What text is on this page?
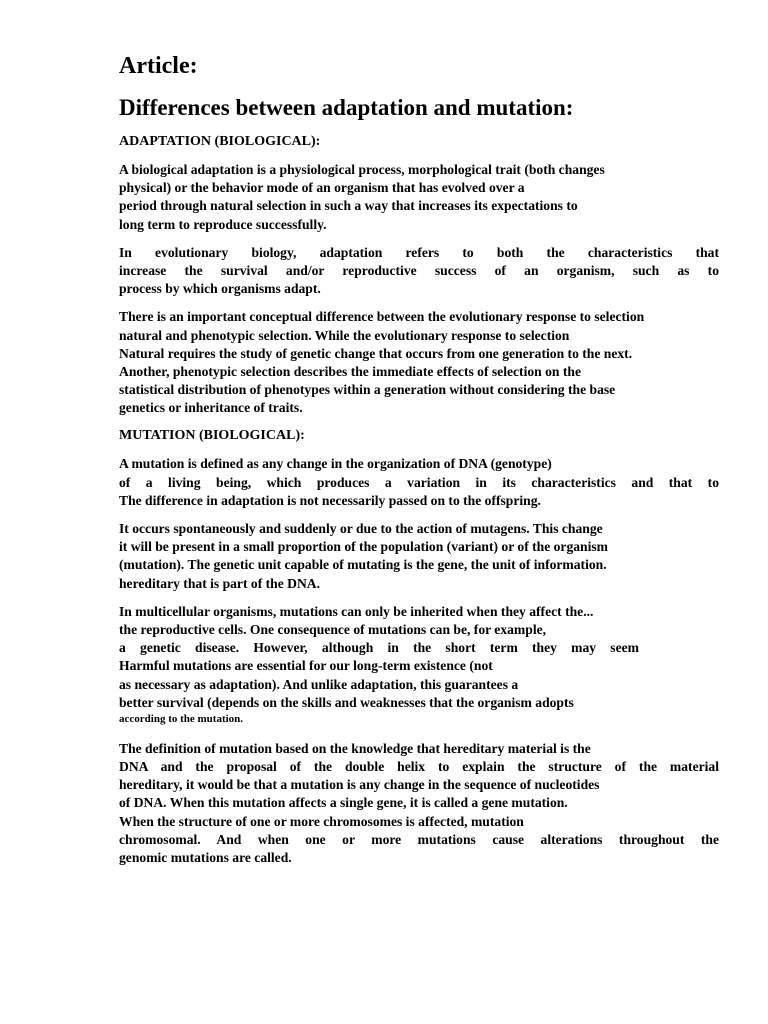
Article:
Differences between adaptation and mutation:
ADAPTATION (BIOLOGICAL):
A biological adaptation is a physiological process, morphological trait (both changes
physical) or the behavior mode of an organism that has evolved over a
period through natural selection in such a way that increases its expectations to
long term to reproduce successfully.
In evolutionary biology, adaptation refers to both the characteristics that
increase the survival and/or reproductive success of an organism, such as to
process by which organisms adapt.
There is an important conceptual difference between the evolutionary response to selection
natural and phenotypic selection. While the evolutionary response to selection
Natural requires the study of genetic change that occurs from one generation to the next.
Another, phenotypic selection describes the immediate effects of selection on the
statistical distribution of phenotypes within a generation without considering the base
genetics or inheritance of traits.
MUTATION (BIOLOGICAL):
A mutation is defined as any change in the organization of DNA (genotype)
of a living being, which produces a variation in its characteristics and that to
The difference in adaptation is not necessarily passed on to the offspring.
It occurs spontaneously and suddenly or due to the action of mutagens. This change
it will be present in a small proportion of the population (variant) or of the organism
(mutation). The genetic unit capable of mutating is the gene, the unit of information.
hereditary that is part of the DNA.
In multicellular organisms, mutations can only be inherited when they affect the...
the reproductive cells. One consequence of mutations can be, for example,
a genetic disease. However, although in the short term they may seem
Harmful mutations are essential for our long-term existence (not
as necessary as adaptation). And unlike adaptation, this guarantees a
better survival (depends on the skills and weaknesses that the organism adopts
according to the mutation.
The definition of mutation based on the knowledge that hereditary material is the
DNA and the proposal of the double helix to explain the structure of the material
hereditary, it would be that a mutation is any change in the sequence of nucleotides
of DNA. When this mutation affects a single gene, it is called a gene mutation.
When the structure of one or more chromosomes is affected, mutation
chromosomal. And when one or more mutations cause alterations throughout the
genomic mutations are called.
